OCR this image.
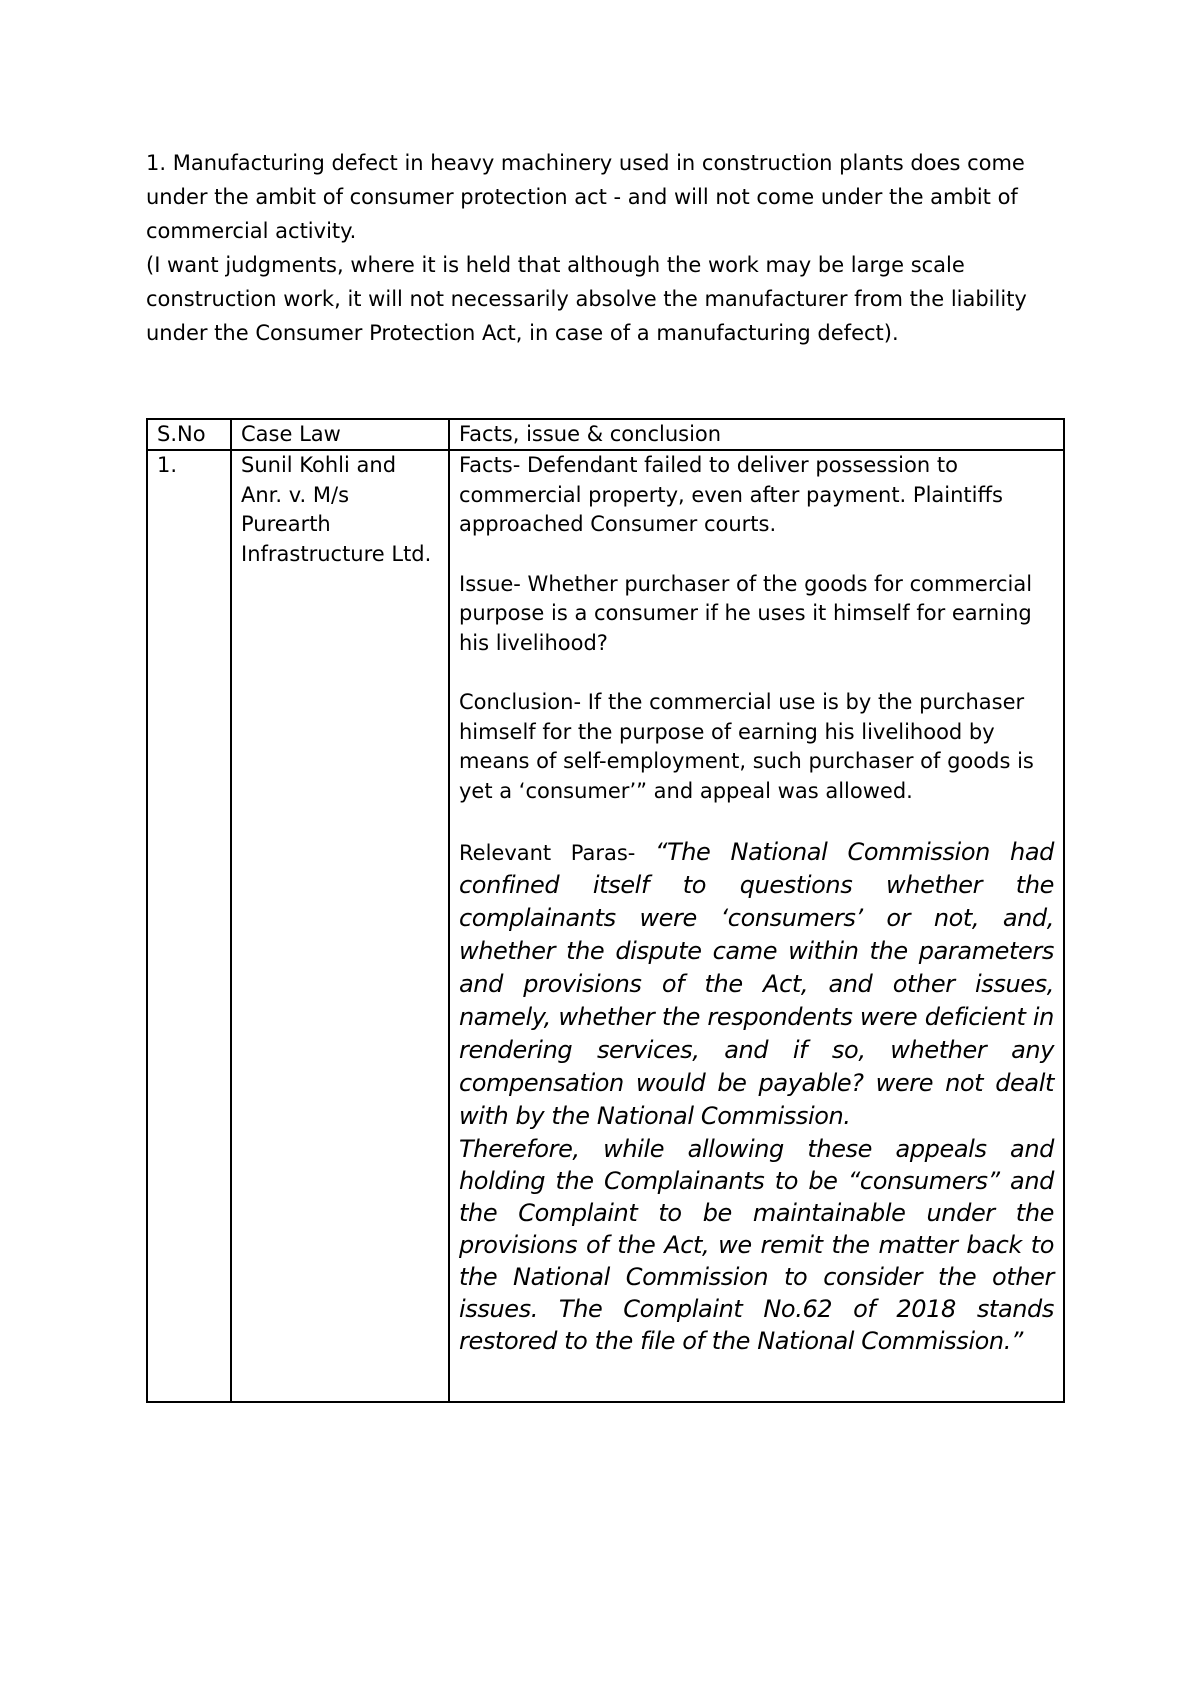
1. Manufacturing defect in heavy machinery used in construction plants does come under the ambit of consumer protection act - and will not come under the ambit of commercial activity.

(I want judgments, where it is held that although the work may be large scale construction work, it will not necessarily absolve the manufacturer from the liability under the Consumer Protection Act, in case of a manufacturing defect).

S.No	Case Law	Facts, issue & conclusion
1.	Sunil Kohli and Anr. v. M/s Purearth Infrastructure Ltd.	Facts- Defendant failed to deliver possession to commercial property, even after payment. Plaintiffs approached Consumer courts.
Issue- Whether purchaser of the goods for commercial purpose is a consumer if he uses it himself for earning his livelihood?
Conclusion- If the commercial use is by the purchaser himself for the purpose of earning his livelihood by means of self-employment, such purchaser of goods is yet a ‘consumer’” and appeal was allowed.

Relevant Paras- “The National Commission had confined itself to questions whether the complainants were ‘consumers’ or not, and, whether the dispute came within the parameters and provisions of the Act, and other issues, namely, whether the respondents were deficient in rendering services, and if so, whether any compensation would be payable? were not dealt with by the National Commission.

Therefore, while allowing these appeals and holding the Complainants to be “consumers” and the Complaint to be maintainable under the provisions of the Act, we remit the matter back to the National Commission to consider the other issues. The Complaint No.62 of 2018 stands restored to the file of the National Commission.”
